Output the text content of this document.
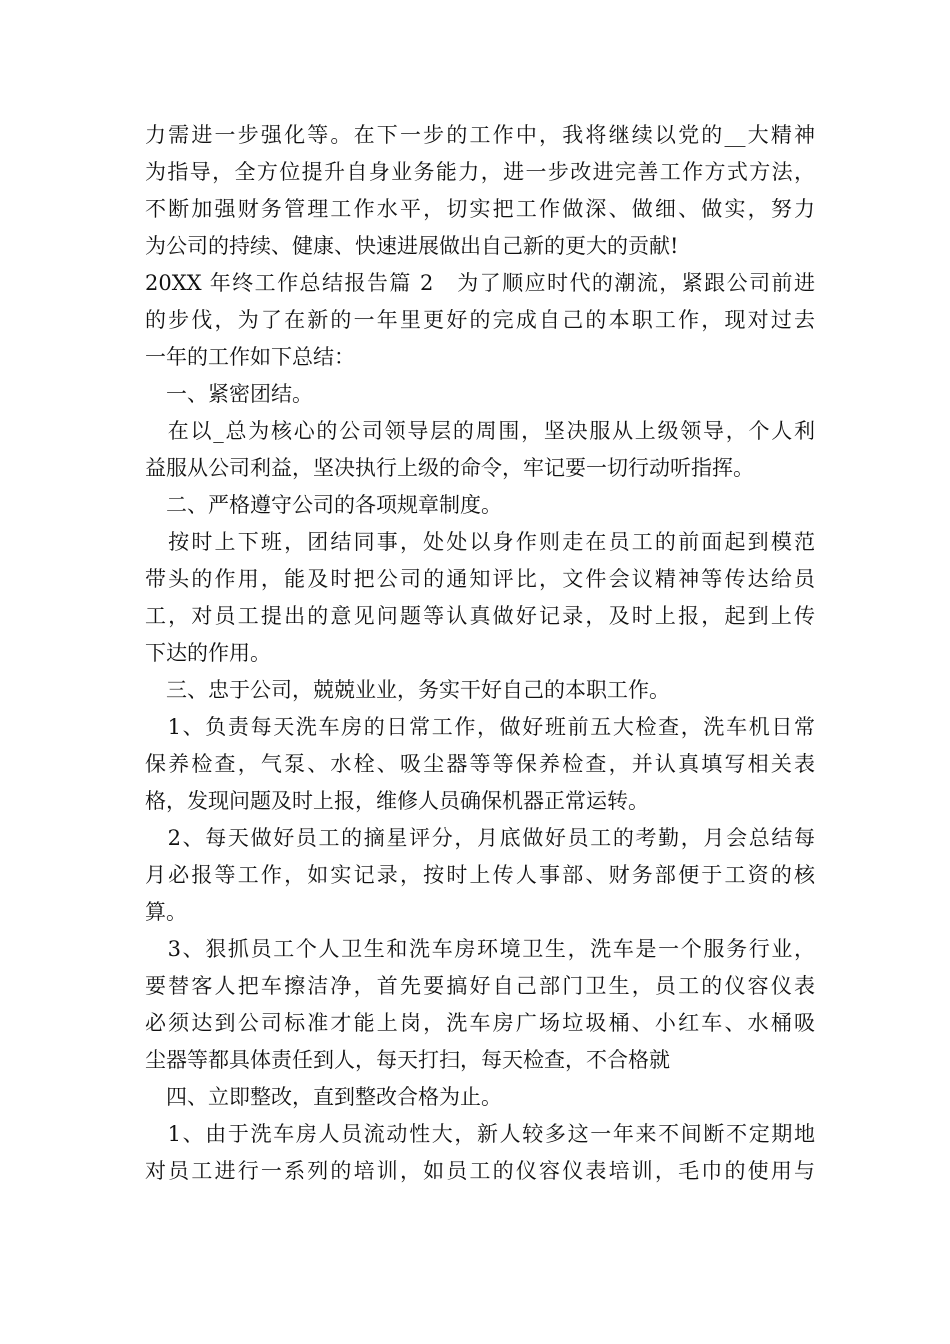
力需进一步强化等。在下一步的工作中，我将继续以党的__大精神
为指导，全方位提升自身业务能力，进一步改进完善工作方式方法，
不断加强财务管理工作水平，切实把工作做深、做细、做实，努力
为公司的持续、健康、快速进展做出自己新的更大的贡献!
20XX 年终工作总结报告篇 2　为了顺应时代的潮流，紧跟公司前进
的步伐，为了在新的一年里更好的完成自己的本职工作，现对过去
一年的工作如下总结：
　一、紧密团结。
　在以_总为核心的公司领导层的周围，坚决服从上级领导，个人利
益服从公司利益，坚决执行上级的命令，牢记要一切行动听指挥。
　二、严格遵守公司的各项规章制度。
　按时上下班，团结同事，处处以身作则走在员工的前面起到模范
带头的作用，能及时把公司的通知评比，文件会议精神等传达给员
工，对员工提出的意见问题等认真做好记录，及时上报，起到上传
下达的作用。
　三、忠于公司，兢兢业业，务实干好自己的本职工作。
　1、负责每天洗车房的日常工作，做好班前五大检查，洗车机日常
保养检查，气泵、水栓、吸尘器等等保养检查，并认真填写相关表
格，发现问题及时上报，维修人员确保机器正常运转。
　2、每天做好员工的摘星评分，月底做好员工的考勤，月会总结每
月必报等工作，如实记录，按时上传人事部、财务部便于工资的核
算。
　3、狠抓员工个人卫生和洗车房环境卫生，洗车是一个服务行业，
要替客人把车擦洁净，首先要搞好自己部门卫生，员工的仪容仪表
必须达到公司标准才能上岗，洗车房广场垃圾桶、小红车、水桶吸
尘器等都具体责任到人，每天打扫，每天检查，不合格就
　四、立即整改，直到整改合格为止。
　1、由于洗车房人员流动性大，新人较多这一年来不间断不定期地
对员工进行一系列的培训，如员工的仪容仪表培训，毛巾的使用与
